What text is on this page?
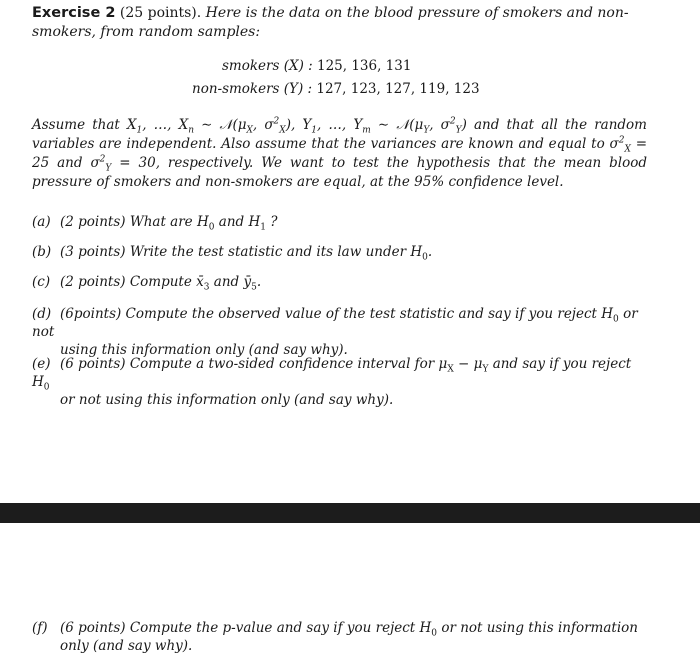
Exercise 2 (25 points). Here is the data on the blood pressure of smokers and non-smokers, from random samples:
smokers (X) : 125, 136, 131
non-smokers (Y) : 127, 123, 127, 119, 123
Assume that $X_1$, …, $X_n$ ∼ $𝒩(\mu_X$, $\sigma^2_X$), $Y_1$, …, $Y_m$ ∼ $𝒩(\mu_Y$, $\sigma^2_Y$) and that all the random variables are independent. Also assume that the variances are known and equal to $\sigma^2_X = 25$ and $\sigma^2_Y = 30$, respectively. We want to test the hypothesis that the mean blood pressure of smokers and non-smokers are equal, at the 95% confidence level.
(a) (2 points) What are $H_0$ and $H_1$ ?
(b) (3 points) Write the test statistic and its law under $H_0$.
(c) (2 points) Compute $x̄_3$ and $ȳ_5$.
(d) (6points) Compute the observed value of the test statistic and say if you reject $H_0$ or not
using this information only (and say why).
(e) (6 points) Compute a two-sided confidence interval for $\mu_X - \mu_Y$ and say if you reject $H_0$
or not using this information only (and say why).
(f) (6 points) Compute the p-value and say if you reject $H_0$ or not using this information
only (and say why).
